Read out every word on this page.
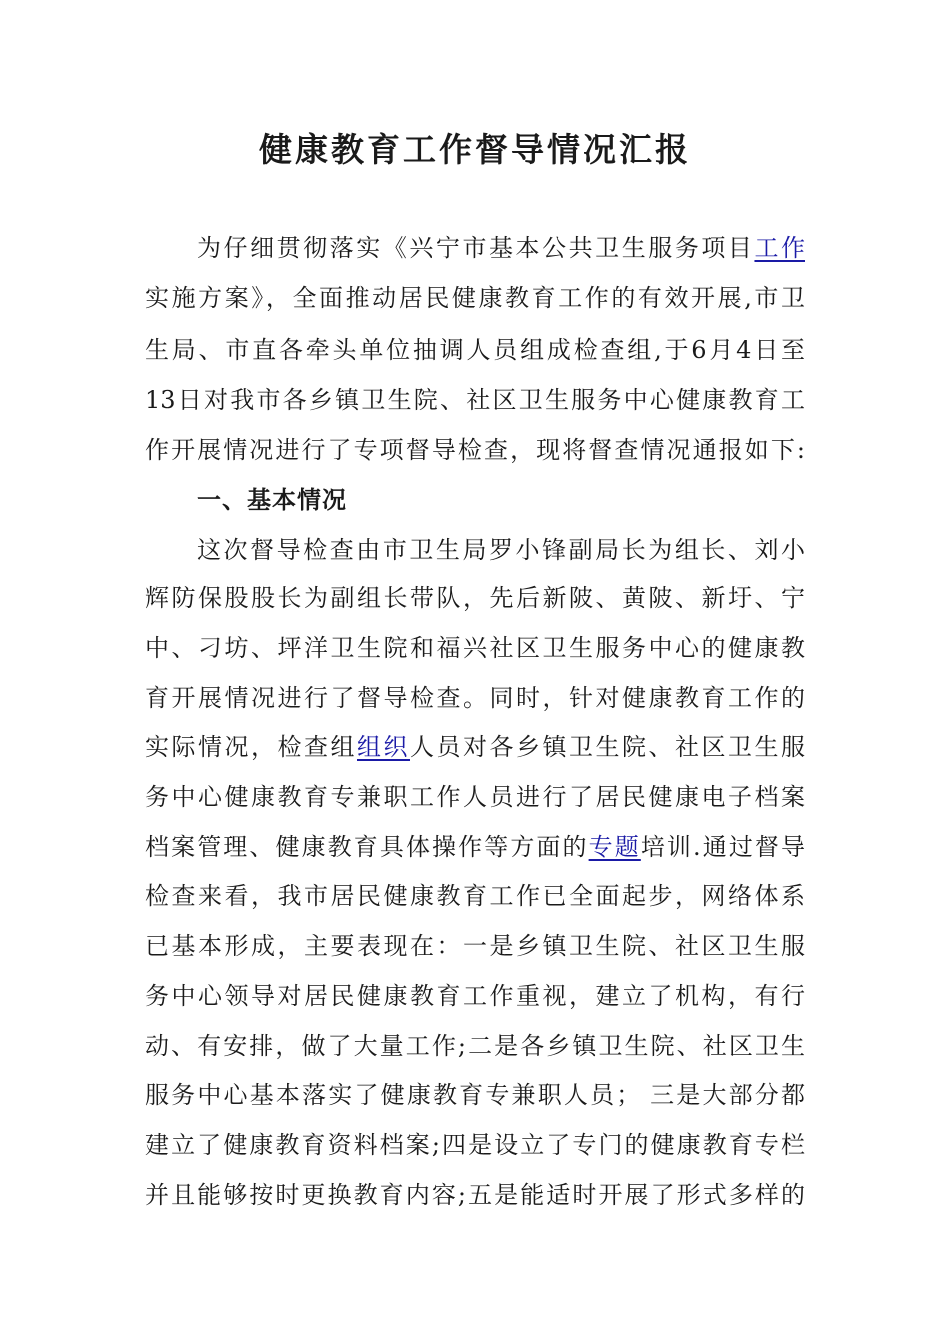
健康教育工作督导情况汇报

为仔细贯彻落实《兴宁市基本公共卫生服务项目工作

实施方案》，全面推动居民健康教育工作的有效开展,市卫

生局、市直各牵头单位抽调人员组成检查组,于6月4日至

13日对我市各乡镇卫生院、社区卫生服务中心健康教育工

作开展情况进行了专项督导检查，现将督查情况通报如下:

一、基本情况

这次督导检查由市卫生局罗小锋副局长为组长、刘小

辉防保股股长为副组长带队，先后新陂、黄陂、新圩、宁

中、刁坊、坪洋卫生院和福兴社区卫生服务中心的健康教

育开展情况进行了督导检查。同时，针对健康教育工作的

实际情况，检查组组织人员对各乡镇卫生院、社区卫生服

务中心健康教育专兼职工作人员进行了居民健康电子档案

档案管理、健康教育具体操作等方面的专题培训.通过督导

检查来看，我市居民健康教育工作已全面起步，网络体系

已基本形成，主要表现在：一是乡镇卫生院、社区卫生服

务中心领导对居民健康教育工作重视，建立了机构，有行

动、有安排，做了大量工作;二是各乡镇卫生院、社区卫生

服务中心基本落实了健康教育专兼职人员； 三是大部分都

建立了健康教育资料档案;四是设立了专门的健康教育专栏

并且能够按时更换教育内容;五是能适时开展了形式多样的
